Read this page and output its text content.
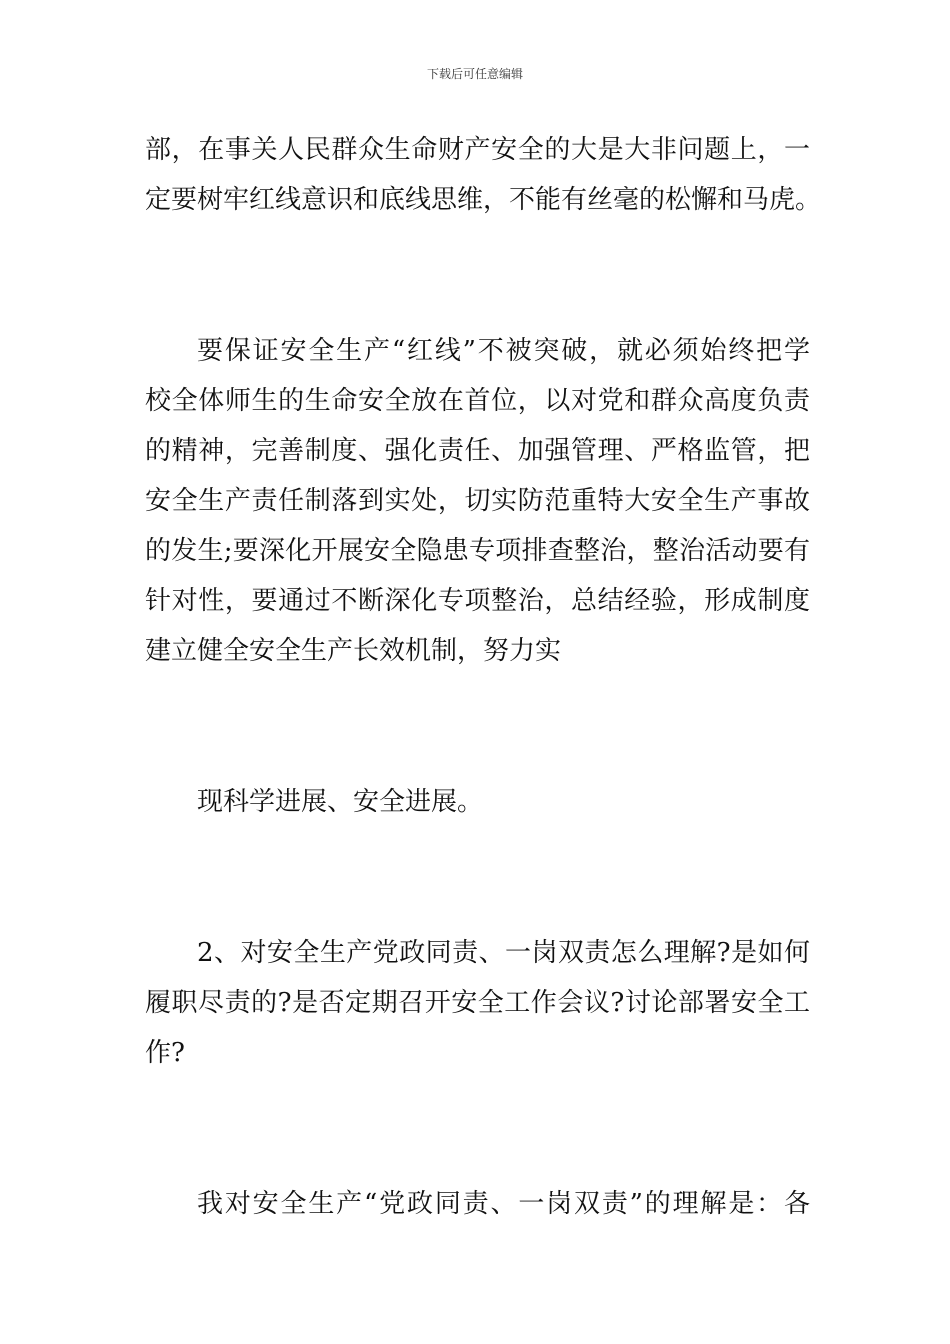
下载后可任意编辑
部，在事关人民群众生命财产安全的大是大非问题上，一
定要树牢红线意识和底线思维，不能有丝毫的松懈和马虎。
要保证安全生产“红线”不被突破，就必须始终把学
校全体师生的生命安全放在首位，以对党和群众高度负责
的精神，完善制度、强化责任、加强管理、严格监管，把
安全生产责任制落到实处，切实防范重特大安全生产事故
的发生;要深化开展安全隐患专项排查整治，整治活动要有
针对性，要通过不断深化专项整治，总结经验，形成制度
建立健全安全生产长效机制，努力实
现科学进展、安全进展。
2、对安全生产党政同责、一岗双责怎么理解?是如何
履职尽责的?是否定期召开安全工作会议?讨论部署安全工
作?
我对安全生产“党政同责、一岗双责”的理解是：各
